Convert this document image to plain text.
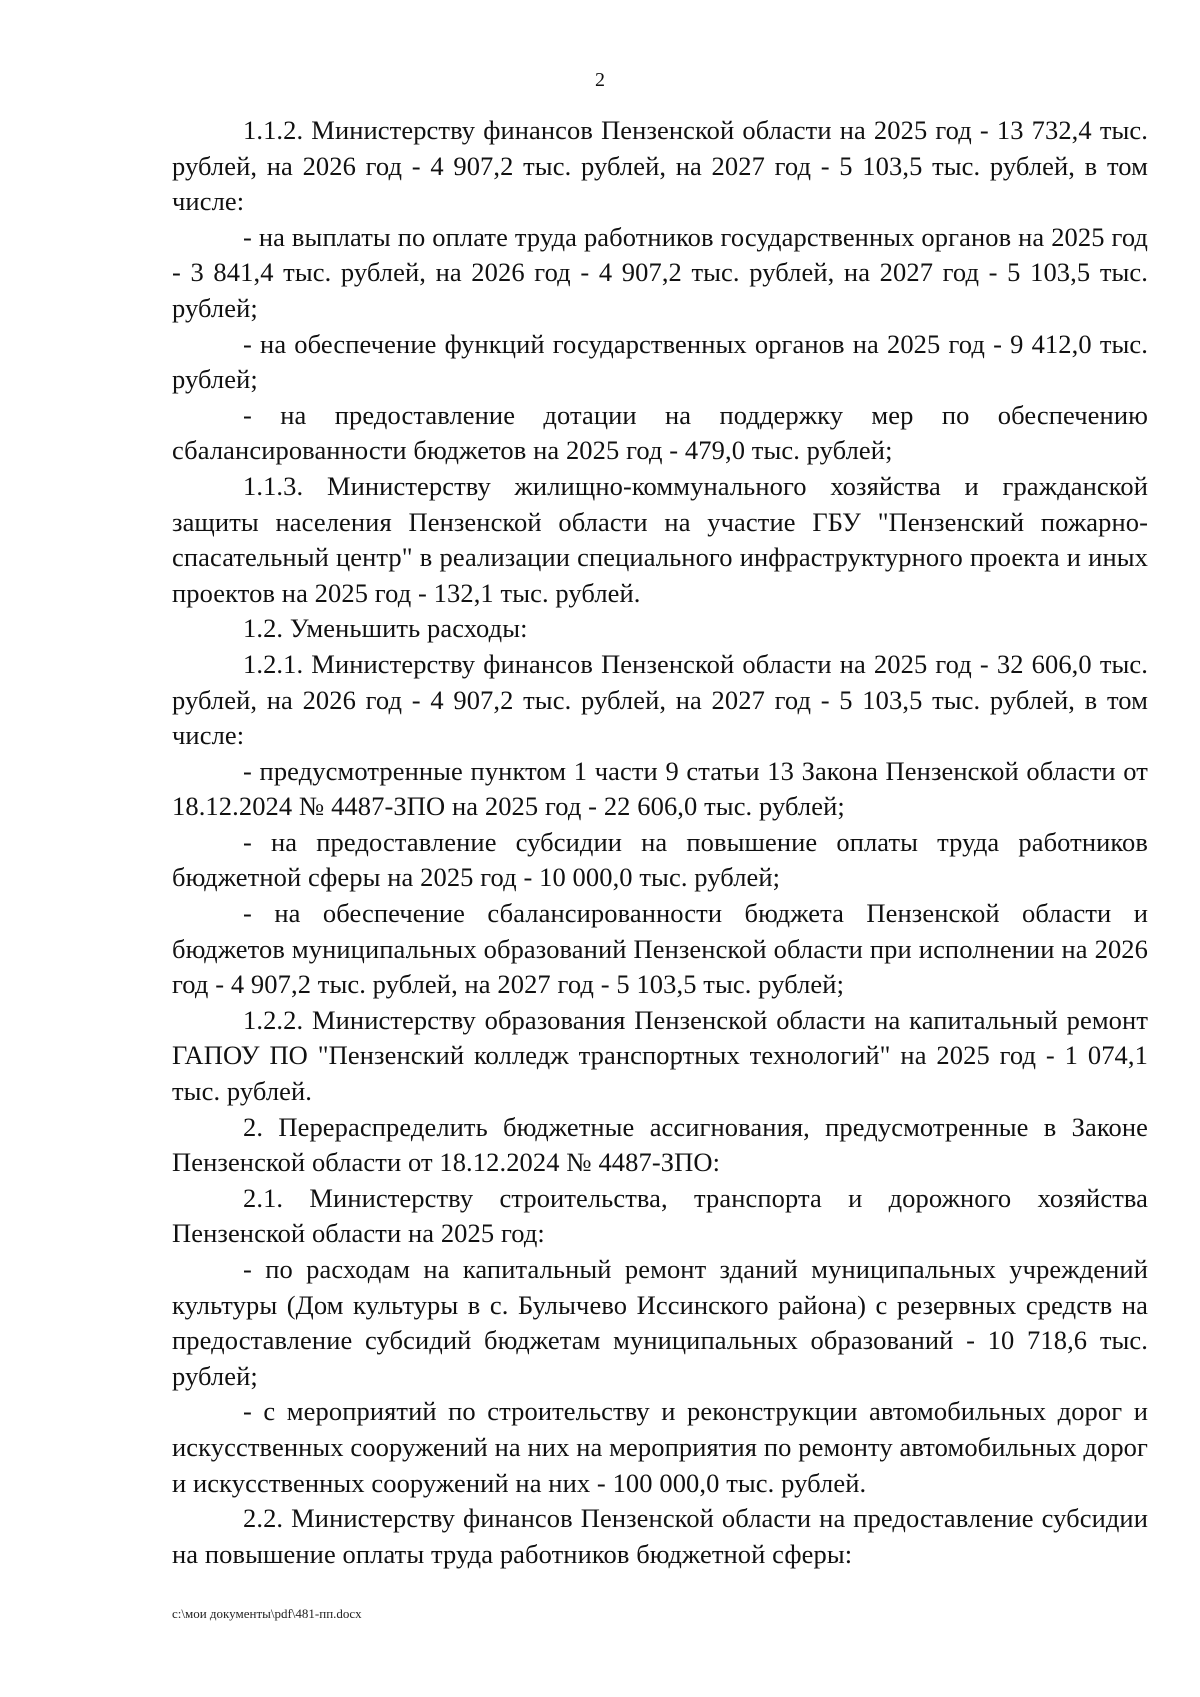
2

1.1.2. Министерству финансов Пензенской области на 2025 год - 13 732,4 тыс. рублей, на 2026 год - 4 907,2 тыс. рублей, на 2027 год - 5 103,5 тыс. рублей, в том числе:

- на выплаты по оплате труда работников государственных органов на 2025 год - 3 841,4 тыс. рублей, на 2026 год - 4 907,2 тыс. рублей, на 2027 год - 5 103,5 тыс. рублей;

- на обеспечение функций государственных органов на 2025 год - 9 412,0 тыс. рублей;

- на предоставление дотации на поддержку мер по обеспечению сбалансированности бюджетов на 2025 год - 479,0 тыс. рублей;

1.1.3. Министерству жилищно-коммунального хозяйства и гражданской защиты населения Пензенской области на участие ГБУ "Пензенский пожарно-спасательный центр" в реализации специального инфраструктурного проекта и иных проектов на 2025 год - 132,1 тыс. рублей.

1.2. Уменьшить расходы:

1.2.1. Министерству финансов Пензенской области на 2025 год - 32 606,0 тыс. рублей, на 2026 год - 4 907,2 тыс. рублей, на 2027 год - 5 103,5 тыс. рублей, в том числе:

- предусмотренные пунктом 1 части 9 статьи 13 Закона Пензенской области от 18.12.2024 № 4487-ЗПО на 2025 год - 22 606,0 тыс. рублей;

- на предоставление субсидии на повышение оплаты труда работников бюджетной сферы на 2025 год - 10 000,0 тыс. рублей;

- на обеспечение сбалансированности бюджета Пензенской области и бюджетов муниципальных образований Пензенской области при исполнении на 2026 год - 4 907,2 тыс. рублей, на 2027 год - 5 103,5 тыс. рублей;

1.2.2. Министерству образования Пензенской области на капитальный ремонт ГАПОУ ПО "Пензенский колледж транспортных технологий" на 2025 год - 1 074,1 тыс. рублей.

2. Перераспределить бюджетные ассигнования, предусмотренные в Законе Пензенской области от 18.12.2024 № 4487-ЗПО:

2.1. Министерству строительства, транспорта и дорожного хозяйства Пензенской области на 2025 год:

- по расходам на капитальный ремонт зданий муниципальных учреждений культуры (Дом культуры в с. Булычево Иссинского района) с резервных средств на предоставление субсидий бюджетам муниципальных образований - 10 718,6 тыс. рублей;

- с мероприятий по строительству и реконструкции автомобильных дорог и искусственных сооружений на них на мероприятия по ремонту автомобильных дорог и искусственных сооружений на них - 100 000,0 тыс. рублей.

2.2. Министерству финансов Пензенской области на предоставление субсидии на повышение оплаты труда работников бюджетной сферы:

c:\мои документы\pdf\481-пп.docx
